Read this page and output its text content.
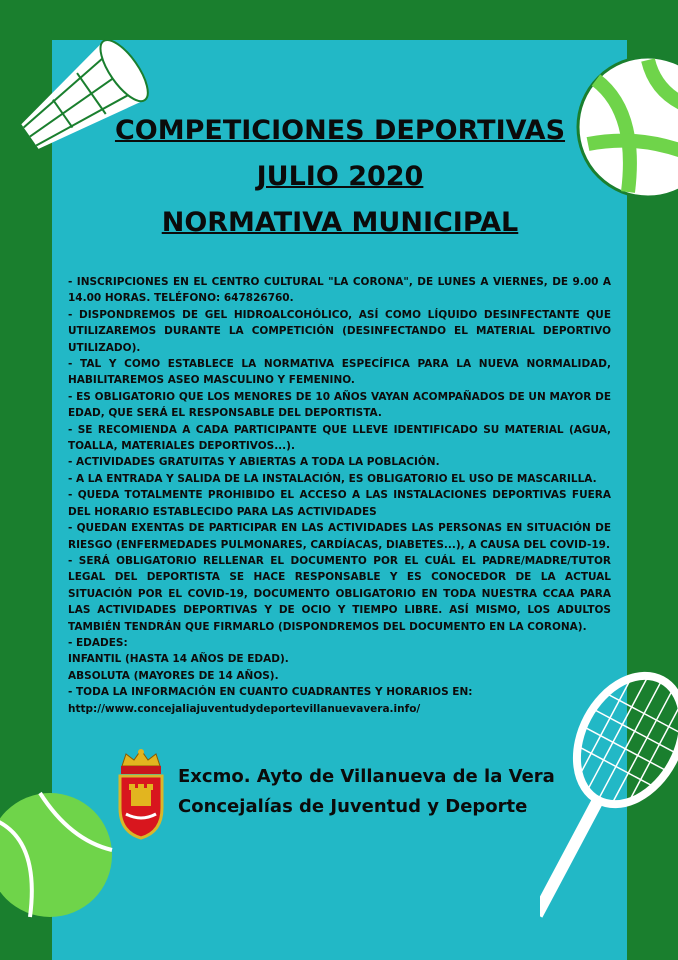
COMPETICIONES DEPORTIVAS
JULIO 2020
NORMATIVA MUNICIPAL

- INSCRIPCIONES EN EL CENTRO CULTURAL "LA CORONA", DE LUNES A VIERNES, DE 9.00 A 14.00 HORAS. TELÉFONO: 647826760.

- DISPONDREMOS DE GEL HIDROALCOHÓLICO, ASÍ COMO LÍQUIDO DESINFECTANTE QUE UTILIZAREMOS DURANTE LA COMPETICIÓN (DESINFECTANDO EL MATERIAL DEPORTIVO UTILIZADO).

- TAL Y COMO ESTABLECE LA NORMATIVA ESPECÍFICA PARA LA NUEVA NORMALIDAD, HABILITAREMOS ASEO MASCULINO Y FEMENINO.

- ES OBLIGATORIO QUE LOS MENORES DE 10 AÑOS VAYAN ACOMPAÑADOS DE UN MAYOR DE EDAD, QUE SERÁ EL RESPONSABLE DEL DEPORTISTA.

- SE RECOMIENDA A CADA PARTICIPANTE QUE LLEVE IDENTIFICADO SU MATERIAL (AGUA, TOALLA, MATERIALES DEPORTIVOS...).

- ACTIVIDADES GRATUITAS Y ABIERTAS A TODA LA POBLACIÓN.

- A LA ENTRADA Y SALIDA DE LA INSTALACIÓN, ES OBLIGATORIO EL USO DE MASCARILLA.

- QUEDA TOTALMENTE PROHIBIDO EL ACCESO A LAS INSTALACIONES DEPORTIVAS FUERA DEL HORARIO ESTABLECIDO PARA LAS ACTIVIDADES

- QUEDAN EXENTAS DE PARTICIPAR EN LAS ACTIVIDADES LAS PERSONAS EN SITUACIÓN DE RIESGO (ENFERMEDADES PULMONARES, CARDÍACAS, DIABETES...), A CAUSA DEL COVID-19.

- SERÁ OBLIGATORIO RELLENAR EL DOCUMENTO POR EL CUÁL EL PADRE/MADRE/TUTOR LEGAL DEL DEPORTISTA SE HACE RESPONSABLE Y ES CONOCEDOR DE LA ACTUAL SITUACIÓN POR EL COVID-19, DOCUMENTO OBLIGATORIO EN TODA NUESTRA CCAA PARA LAS ACTIVIDADES DEPORTIVAS Y DE OCIO Y TIEMPO LIBRE. ASÍ MISMO, LOS ADULTOS TAMBIÉN TENDRÁN QUE FIRMARLO (DISPONDREMOS DEL DOCUMENTO EN LA CORONA).

- EDADES:

INFANTIL (HASTA 14 AÑOS DE EDAD).

ABSOLUTA (MAYORES DE 14 AÑOS).

- TODA LA INFORMACIÓN EN CUANTO CUADRANTES Y HORARIOS EN:

http://www.concejaliajuventudydeportevillanuevavera.info/

Excmo. Ayto de Villanueva de la Vera
Concejalías de Juventud y Deporte
